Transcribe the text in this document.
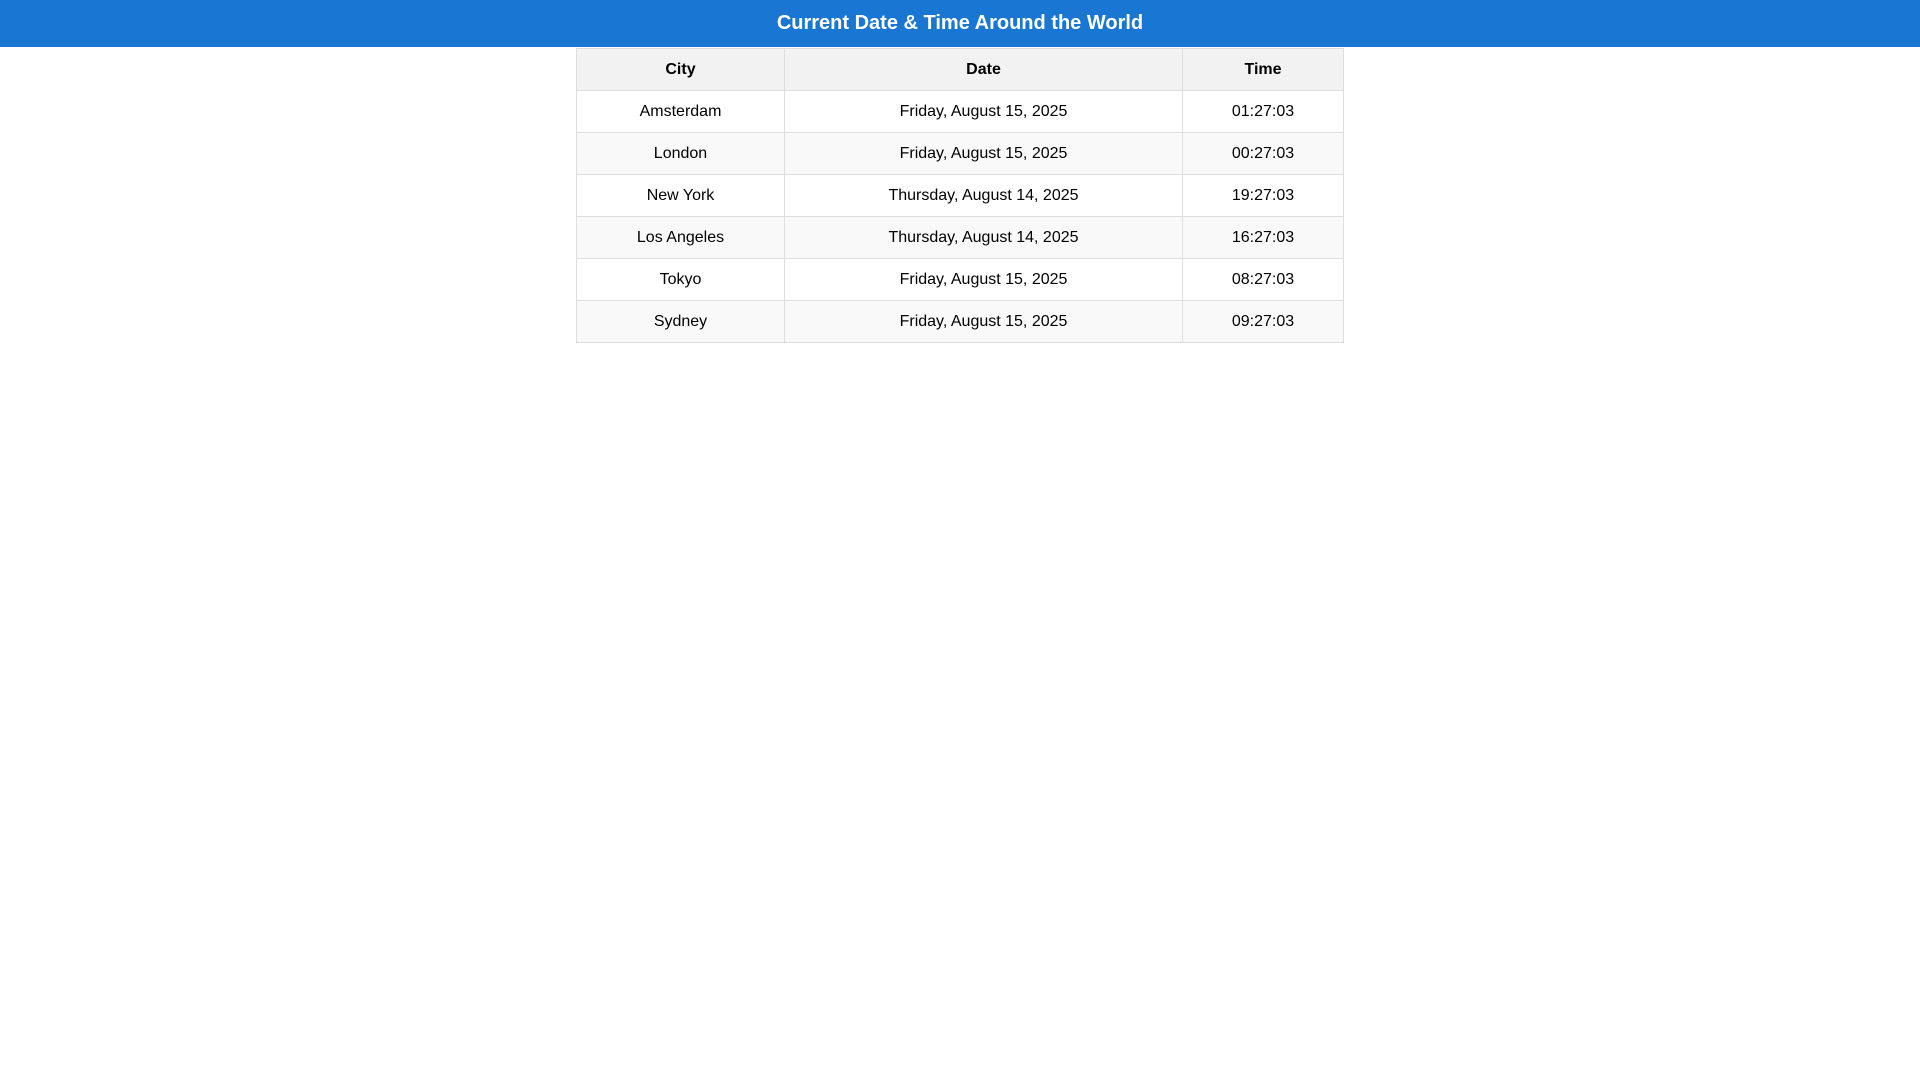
Current Date & Time Around the World
City	Date	Time
Amsterdam	Friday, August 15, 2025	01:27:03
London	Friday, August 15, 2025	00:27:03
New York	Thursday, August 14, 2025	19:27:03
Los Angeles	Thursday, August 14, 2025	16:27:03
Tokyo	Friday, August 15, 2025	08:27:03
Sydney	Friday, August 15, 2025	09:27:03
